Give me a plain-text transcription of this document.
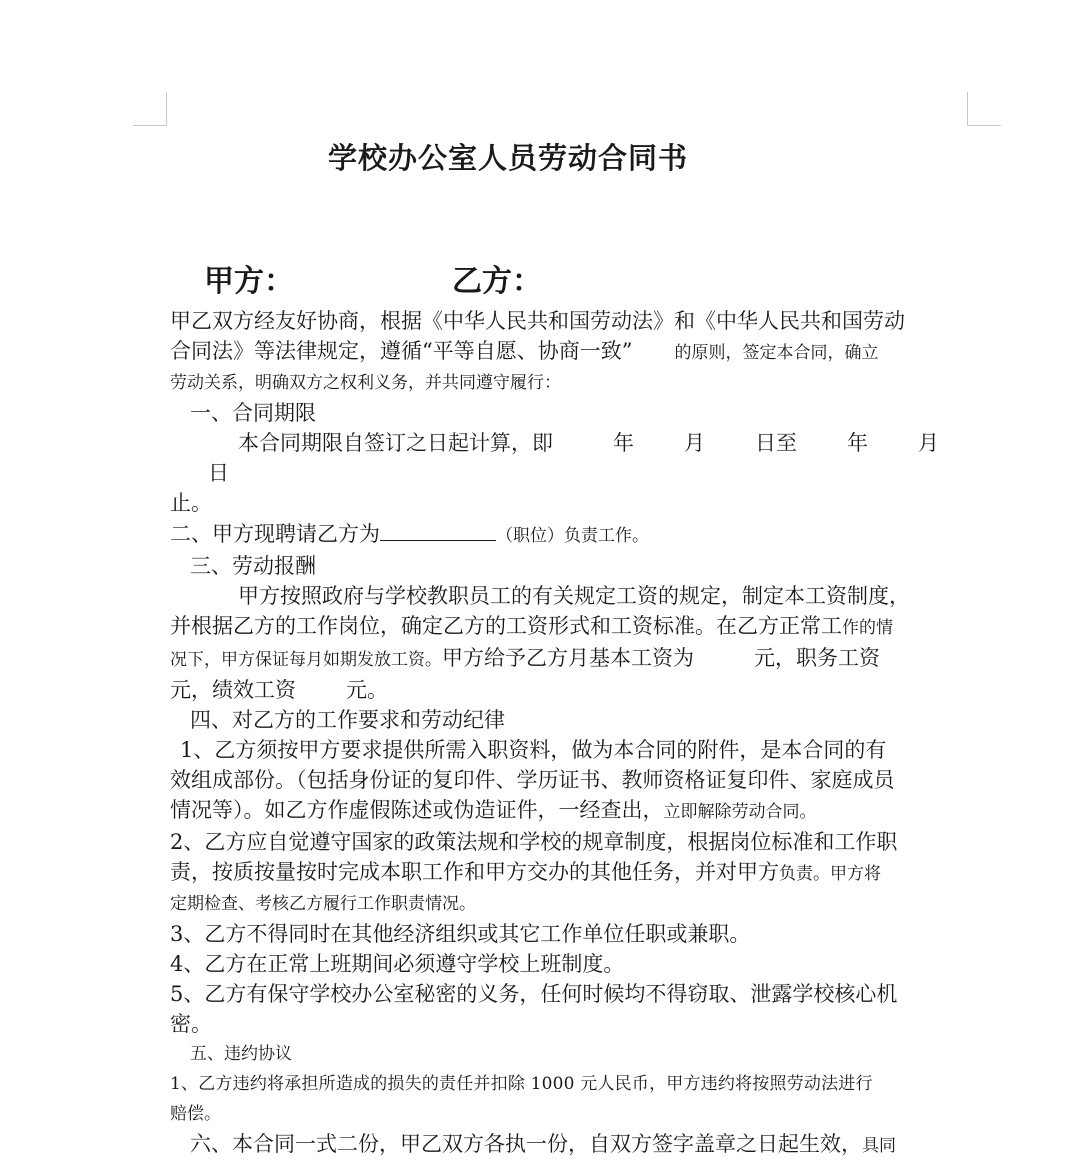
学校办公室人员劳动合同书
甲方：	乙方：

甲乙双方经友好协商，根据《中华人民共和国劳动法》和《中华人民共和国劳动

合同法》等法律规定，遵循“平等自愿、协商一致”　　 的原则，签定本合同，确立

劳动关系，明确双方之权利义务，并共同遵守履行：

一、合同期限

本合同期限自签订之日起计算，即	年 月 日至 年 月日

止。

二、甲方现聘请乙方为	（职位）负责工作。

三、劳动报酬

甲方按照政府与学校教职员工的有关规定工资的规定，制定本工资制度，

并根据乙方的工作岗位，确定乙方的工资形式和工资标准。在乙方正常工作的情

况下，甲方保证每月如期发放工资。甲方给予乙方月基本工资为	元，职务工资

元，绩效工资 元。

四、对乙方的工作要求和劳动纪律

1、乙方须按甲方要求提供所需入职资料，做为本合同的附件，是本合同的有

效组成部份。（包括身份证的复印件、学历证书、教师资格证复印件、家庭成员

情况等）。如乙方作虚假陈述或伪造证件，一经查出，立即解除劳动合同。

2、乙方应自觉遵守国家的政策法规和学校的规章制度，根据岗位标准和工作职

责，按质按量按时完成本职工作和甲方交办的其他任务，并对甲方负责。甲方将

定期检查、考核乙方履行工作职责情况。

3、乙方不得同时在其他经济组织或其它工作单位任职或兼职。

4、乙方在正常上班期间必须遵守学校上班制度。

5、乙方有保守学校办公室秘密的义务，任何时候均不得窃取、泄露学校核心机

密。

五、违约协议

1、乙方违约将承担所造成的损失的责任并扣除 1000 元人民币，甲方违约将按照劳动法进行

赔偿。

六、本合同一式二份，甲乙双方各执一份，自双方签字盖章之日起生效，具同
